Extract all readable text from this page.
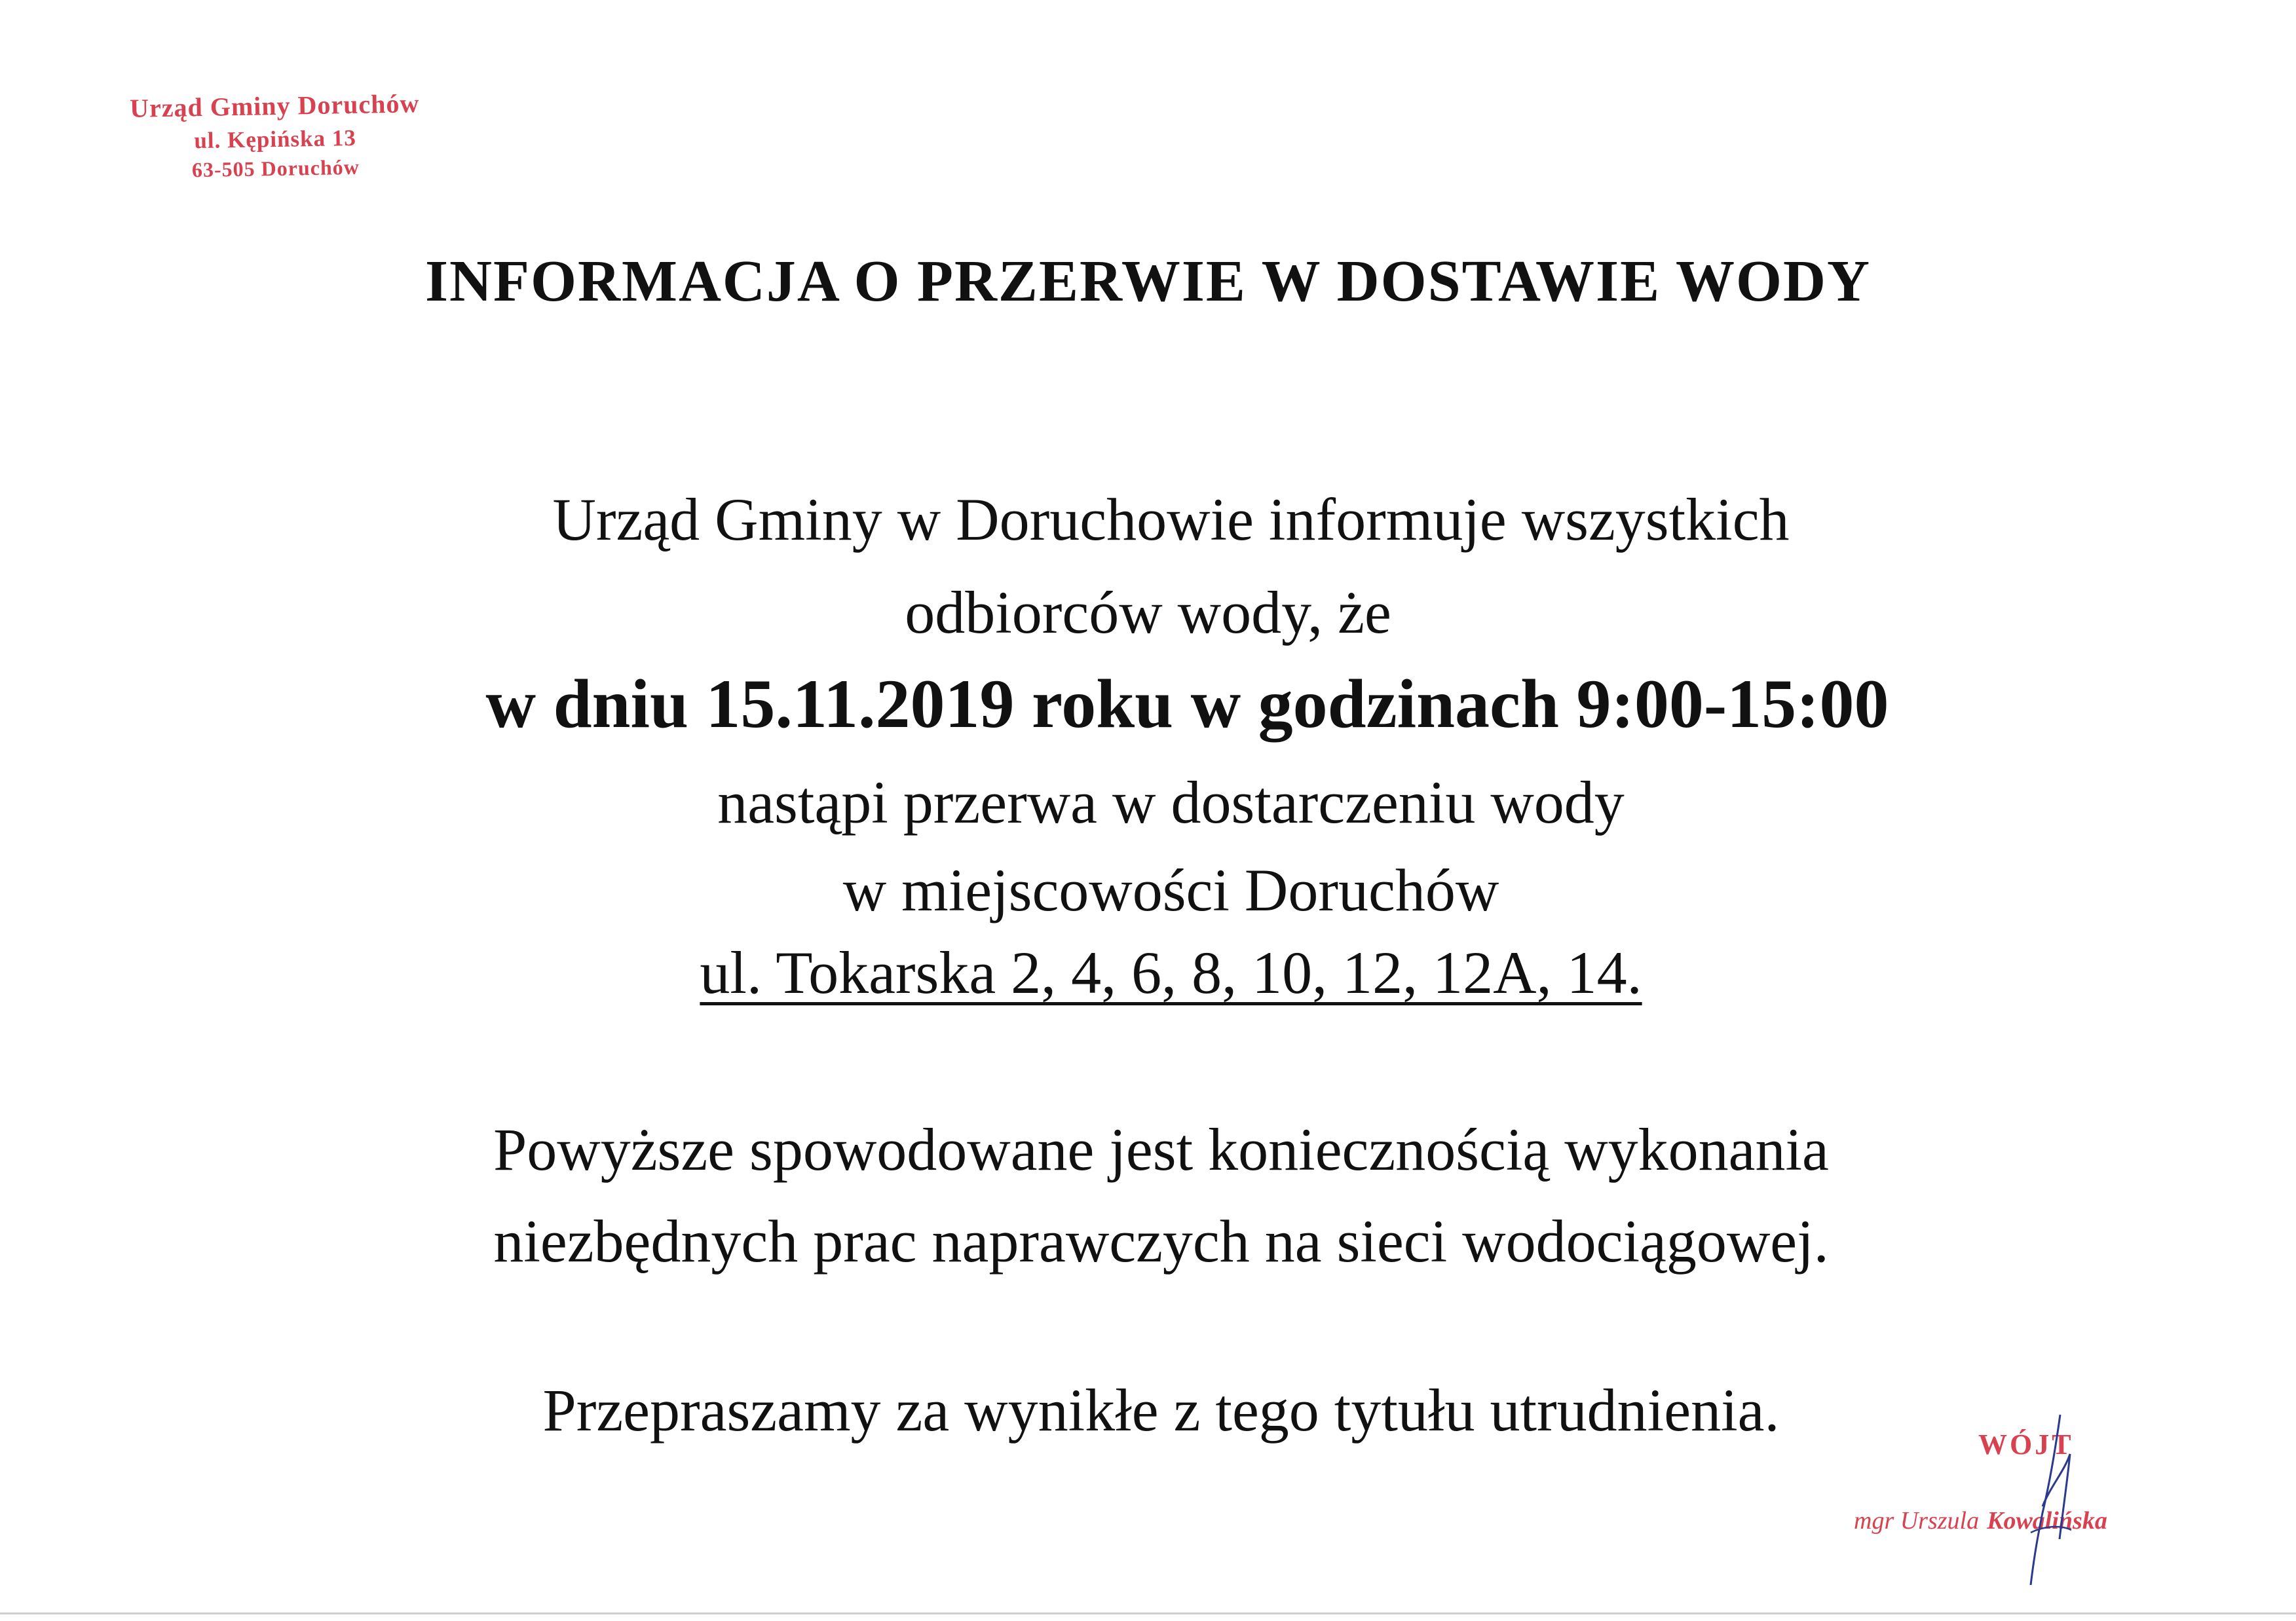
Urząd Gminy Doruchów
ul. Kępińska 13
63-505 Doruchów
INFORMACJA O PRZERWIE W DOSTAWIE WODY

Urząd Gminy w Doruchowie informuje wszystkich

odbiorców wody, że

w dniu 15.11.2019 roku w godzinach 9:00-15:00

nastąpi przerwa w dostarczeniu wody

w miejscowości Doruchów

ul. Tokarska 2, 4, 6, 8, 10, 12, 12A, 14.

Powyższe spowodowane jest koniecznością wykonania

niezbędnych prac naprawczych na sieci wodociągowej.

Przepraszamy za wynikłe z tego tytułu utrudnienia.

WÓJT
mgr Urszula Kowalińska
